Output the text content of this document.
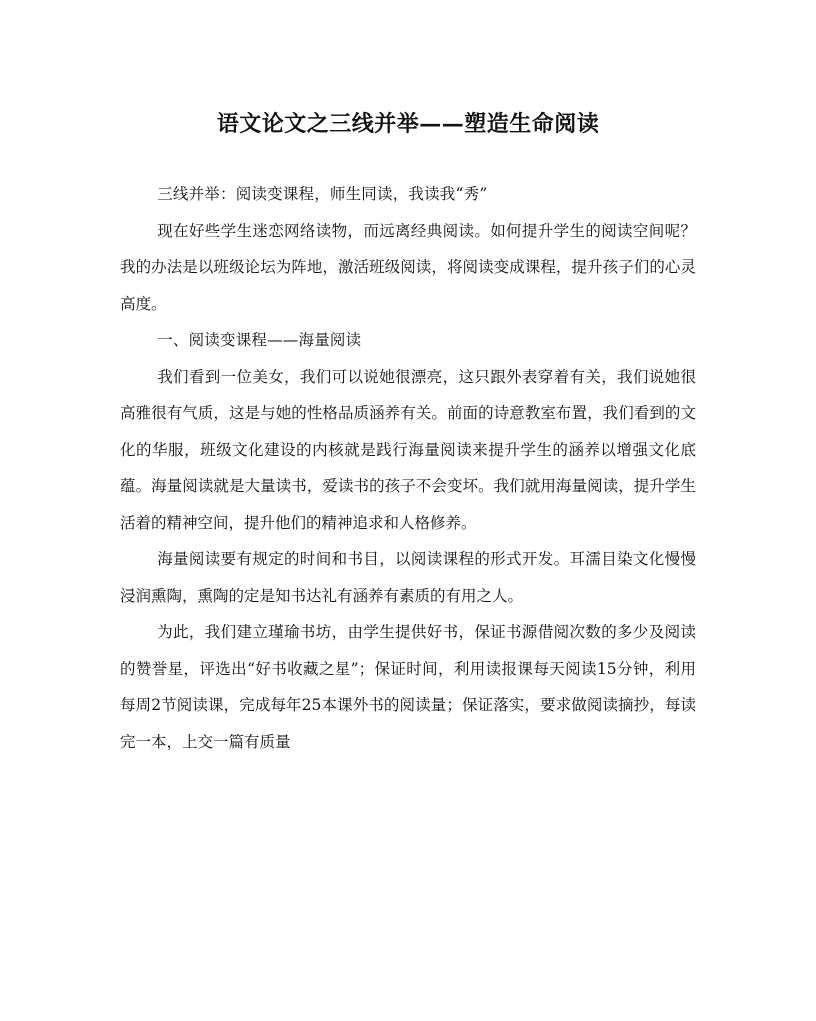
语文论文之三线并举——塑造生命阅读

三线并举：阅读变课程，师生同读，我读我“秀”

现在好些学生迷恋网络读物，而远离经典阅读。如何提升学生的阅读空间呢？我的办法是以班级论坛为阵地，激活班级阅读，将阅读变成课程，提升孩子们的心灵高度。

一、阅读变课程——海量阅读

我们看到一位美女，我们可以说她很漂亮，这只跟外表穿着有关，我们说她很高雅很有气质，这是与她的性格品质涵养有关。前面的诗意教室布置，我们看到的文化的华服，班级文化建设的内核就是践行海量阅读来提升学生的涵养以增强文化底蕴。海量阅读就是大量读书，爱读书的孩子不会变坏。我们就用海量阅读，提升学生活着的精神空间，提升他们的精神追求和人格修养。

海量阅读要有规定的时间和书目，以阅读课程的形式开发。耳濡目染文化慢慢浸润熏陶，熏陶的定是知书达礼有涵养有素质的有用之人。

为此，我们建立瑾瑜书坊，由学生提供好书，保证书源借阅次数的多少及阅读的赞誉星，评选出“好书收藏之星”；保证时间，利用读报课每天阅读15分钟，利用每周2节阅读课，完成每年25本课外书的阅读量；保证落实，要求做阅读摘抄，每读完一本，上交一篇有质量
